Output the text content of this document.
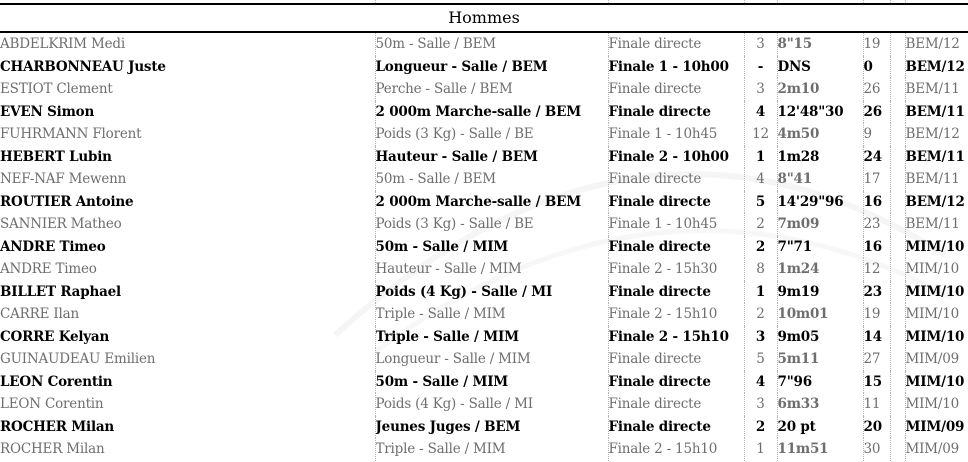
Hommes
ABDELKRIM Medi	50m - Salle / BEM	Finale directe	3	8"15	19		BEM/12
CHARBONNEAU Juste	Longueur - Salle / BEM	Finale 1 - 10h00	-	DNS	0		BEM/12
ESTIOT Clement	Perche - Salle / BEM	Finale directe	3	2m10	26		BEM/11
EVEN Simon	2 000m Marche-salle / BEM	Finale directe	4	12'48"30	26		BEM/11
FUHRMANN Florent	Poids (3 Kg) - Salle / BE	Finale 1 - 10h45	12	4m50	9		BEM/12
HEBERT Lubin	Hauteur - Salle / BEM	Finale 2 - 10h00	1	1m28	24		BEM/11
NEF-NAF Mewenn	50m - Salle / BEM	Finale directe	4	8"41	17		BEM/11
ROUTIER Antoine	2 000m Marche-salle / BEM	Finale directe	5	14'29"96	16		BEM/12
SANNIER Matheo	Poids (3 Kg) - Salle / BE	Finale 1 - 10h45	2	7m09	23		BEM/11
ANDRE Timeo	50m - Salle / MIM	Finale directe	2	7"71	16		MIM/10
ANDRE Timeo	Hauteur - Salle / MIM	Finale 2 - 15h30	8	1m24	12		MIM/10
BILLET Raphael	Poids (4 Kg) - Salle / MI	Finale directe	1	9m19	23		MIM/10
CARRE Ilan	Triple - Salle / MIM	Finale 2 - 15h10	2	10m01	19		MIM/10
CORRE Kelyan	Triple - Salle / MIM	Finale 2 - 15h10	3	9m05	14		MIM/10
GUINAUDEAU Emilien	Longueur - Salle / MIM	Finale directe	5	5m11	27		MIM/09
LEON Corentin	50m - Salle / MIM	Finale directe	4	7"96	15		MIM/10
LEON Corentin	Poids (4 Kg) - Salle / MI	Finale directe	3	6m33	11		MIM/10
ROCHER Milan	Jeunes Juges / BEM	Finale directe	2	20 pt	20		MIM/09
ROCHER Milan	Triple - Salle / MIM	Finale 2 - 15h10	1	11m51	30		MIM/09
